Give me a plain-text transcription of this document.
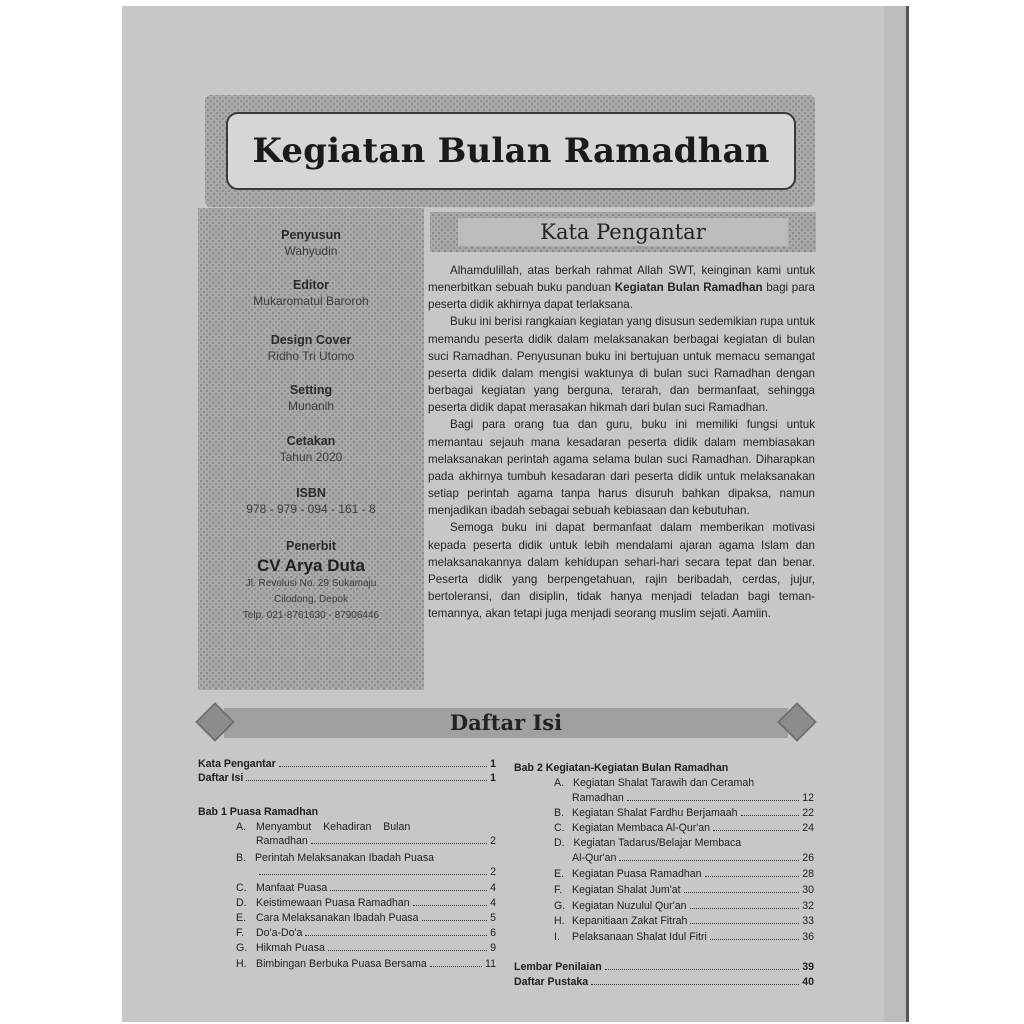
Kegiatan Bulan Ramadhan
Penyusun
Wahyudin
Editor
Mukaromatul Baroroh
Design Cover
Ridho Tri Utomo
Setting
Munanih
Cetakan
Tahun 2020
ISBN
978 - 979 - 094 - 161 - 8
Penerbit
CV Arya Duta
Jl. Revolusi No. 29 Sukamaju
Cilodong, Depok
Telp. 021-8761630 - 87906446
Kata Pengantar

Alhamdulillah, atas berkah rahmat Allah SWT, keinginan kami untuk menerbitkan sebuah buku panduan Kegiatan Bulan Ramadhan bagi para peserta didik akhirnya dapat terlaksana.

Buku ini berisi rangkaian kegiatan yang disusun sedemikian rupa untuk memandu peserta didik dalam melaksanakan berbagai kegiatan di bulan suci Ramadhan. Penyusunan buku ini bertujuan untuk memacu semangat peserta didik dalam mengisi waktunya di bulan suci Ramadhan dengan berbagai kegiatan yang berguna, terarah, dan bermanfaat, sehingga peserta didik dapat merasakan hikmah dari bulan suci Ramadhan.

Bagi para orang tua dan guru, buku ini memiliki fungsi untuk memantau sejauh mana kesadaran peserta didik dalam membiasakan melaksanakan perintah agama selama bulan suci Ramadhan. Diharapkan pada akhirnya tumbuh kesadaran dari peserta didik untuk melaksanakan setiap perintah agama tanpa harus disuruh bahkan dipaksa, namun menjadikan ibadah sebagai sebuah kebiasaan dan kebutuhan.

Semoga buku ini dapat bermanfaat dalam memberikan motivasi kepada peserta didik untuk lebih mendalami ajaran agama Islam dan melaksanakannya dalam kehidupan sehari-hari secara tepat dan benar. Peserta didik yang berpengetahuan, rajin beribadah, cerdas, jujur, bertoleransi, dan disiplin, tidak hanya menjadi teladan bagi teman-temannya, akan tetapi juga menjadi seorang muslim sejati. Aamiin.

Daftar Isi
Kata Pengantar	1
Daftar Isi	1
Bab 1 Puasa Ramadhan
A. Menyambut    Kehadiran    Bulan
Ramadhan	2
B. Perintah Melaksanakan Ibadah Puasa
2
C. Manfaat Puasa	4
D. Keistimewaan Puasa Ramadhan	4
E. Cara Melaksanakan Ibadah Puasa	5
F.	Do'a-Do'a	6
G. Hikmah Puasa	9
H. Bimbingan Berbuka Puasa Bersama	11
Bab 2 Kegiatan-Kegiatan Bulan Ramadhan
A. Kegiatan Shalat Tarawih dan Ceramah
Ramadhan	12
B. Kegiatan Shalat Fardhu Berjamaah	22
C. Kegiatan Membaca Al-Qur'an	24
D. Kegiatan Tadarus/Belajar Membaca
Al-Qur'an	26
E. Kegiatan Puasa Ramadhan	28
F. Kegiatan Shalat Jum'at	30
G. Kegiatan Nuzulul Qur'an	32
H. Kepanitiaan Zakat Fitrah	33
I.	Pelaksanaan Shalat Idul Fitri	36
Lembar Penilaian	39
Daftar Pustaka	40
